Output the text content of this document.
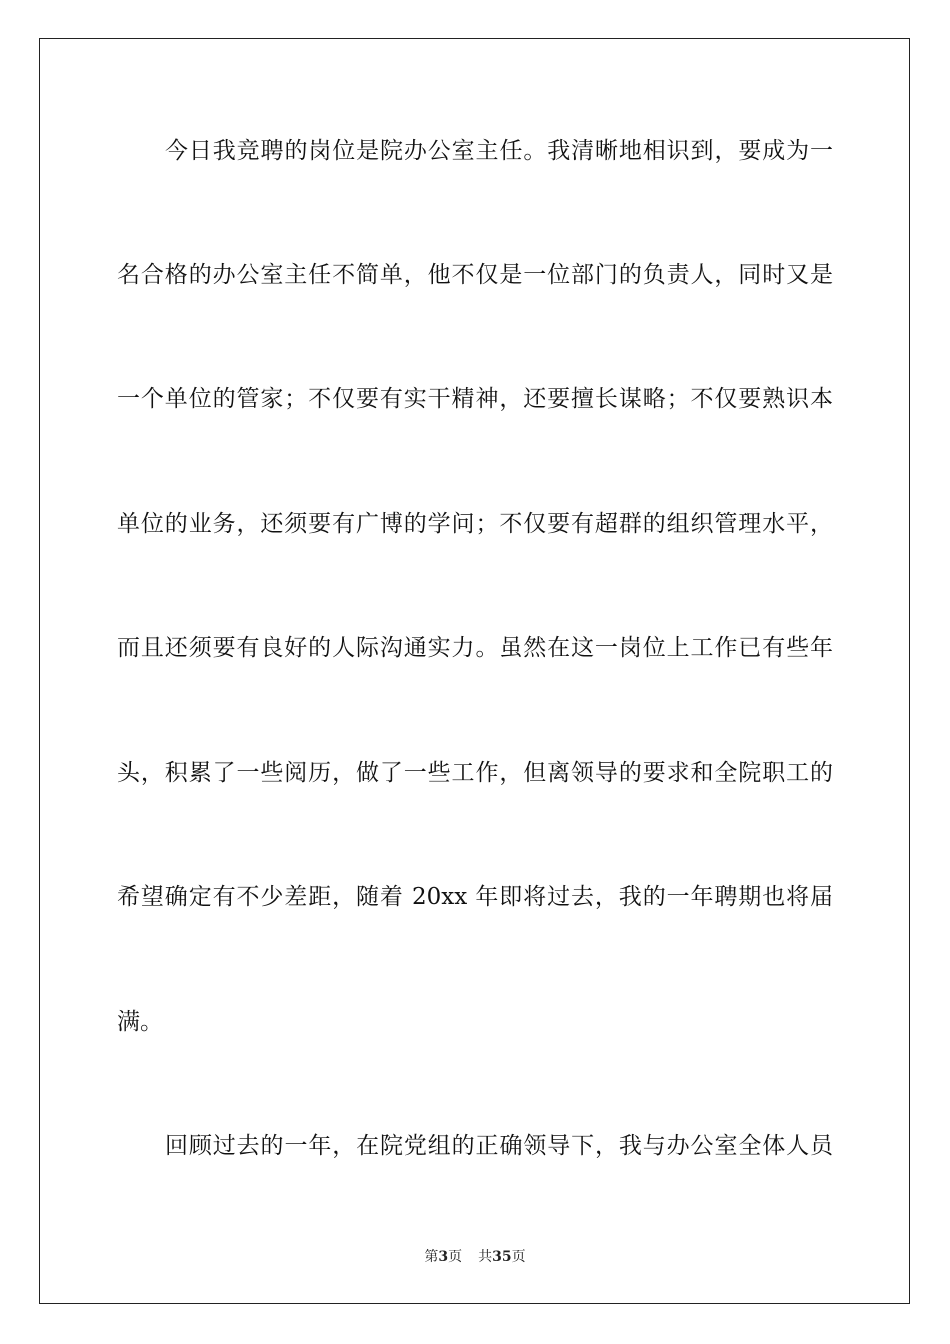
今日我竞聘的岗位是院办公室主任。我清晰地相识到，要成为一
名合格的办公室主任不简单，他不仅是一位部门的负责人，同时又是
一个单位的管家；不仅要有实干精神，还要擅长谋略；不仅要熟识本
单位的业务，还须要有广博的学问；不仅要有超群的组织管理水平，
而且还须要有良好的人际沟通实力。虽然在这一岗位上工作已有些年
头，积累了一些阅历，做了一些工作，但离领导的要求和全院职工的
希望确定有不少差距，随着 20xx 年即将过去，我的一年聘期也将届
满。
回顾过去的一年，在院党组的正确领导下，我与办公室全体人员
第3页 共35页
